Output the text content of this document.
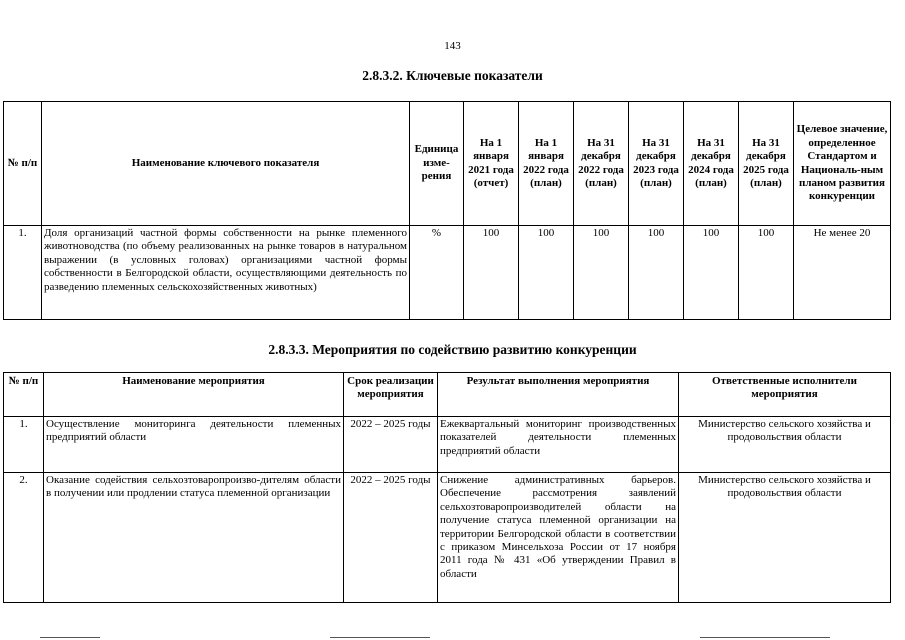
143
2.8.3.2. Ключевые показатели
№ п/п	Наименование ключевого показателя	Единица изме-рения	На 1 января 2021 года (отчет)	На 1 января 2022 года (план)	На 31 декабря 2022 года (план)	На 31 декабря 2023 года (план)	На 31 декабря 2024 года (план)	На 31 декабря 2025 года (план)	Целевое значение, определенное Стандартом и Националь-ным планом развития конкуренции
1.	Доля организаций частной формы собственности на рынке племенного животноводства (по объему реализованных на рынке товаров в натуральном выражении (в условных головах) организациями частной формы собственности в Белгородской области, осуществляющими деятельность по разведению племенных сельскохозяйственных животных)	%	100	100	100	100	100	100	Не менее 20
2.8.3.3. Мероприятия по содействию развитию конкуренции
№ п/п	Наименование мероприятия	Срок реализации мероприятия	Результат выполнения мероприятия	Ответственные исполнители мероприятия
1.	Осуществление мониторинга деятельности племенных предприятий области	2022 – 2025 годы	Ежеквартальный мониторинг производственных показателей деятельности племенных предприятий области	Министерство сельского хозяйства и продовольствия области
2.	Оказание содействия сельхозтоваропроизво-дителям области в получении или продлении статуса племенной организации	2022 – 2025 годы	Снижение административных барьеров. Обеспечение рассмотрения заявлений сельхозтоваропроизводителей области на получение статуса племенной организации на территории Белгородской области в соответствии с приказом Минсельхоза России от 17 ноября 2011 года № 431 «Об утверждении Правил в области	Министерство сельского хозяйства и продовольствия области
